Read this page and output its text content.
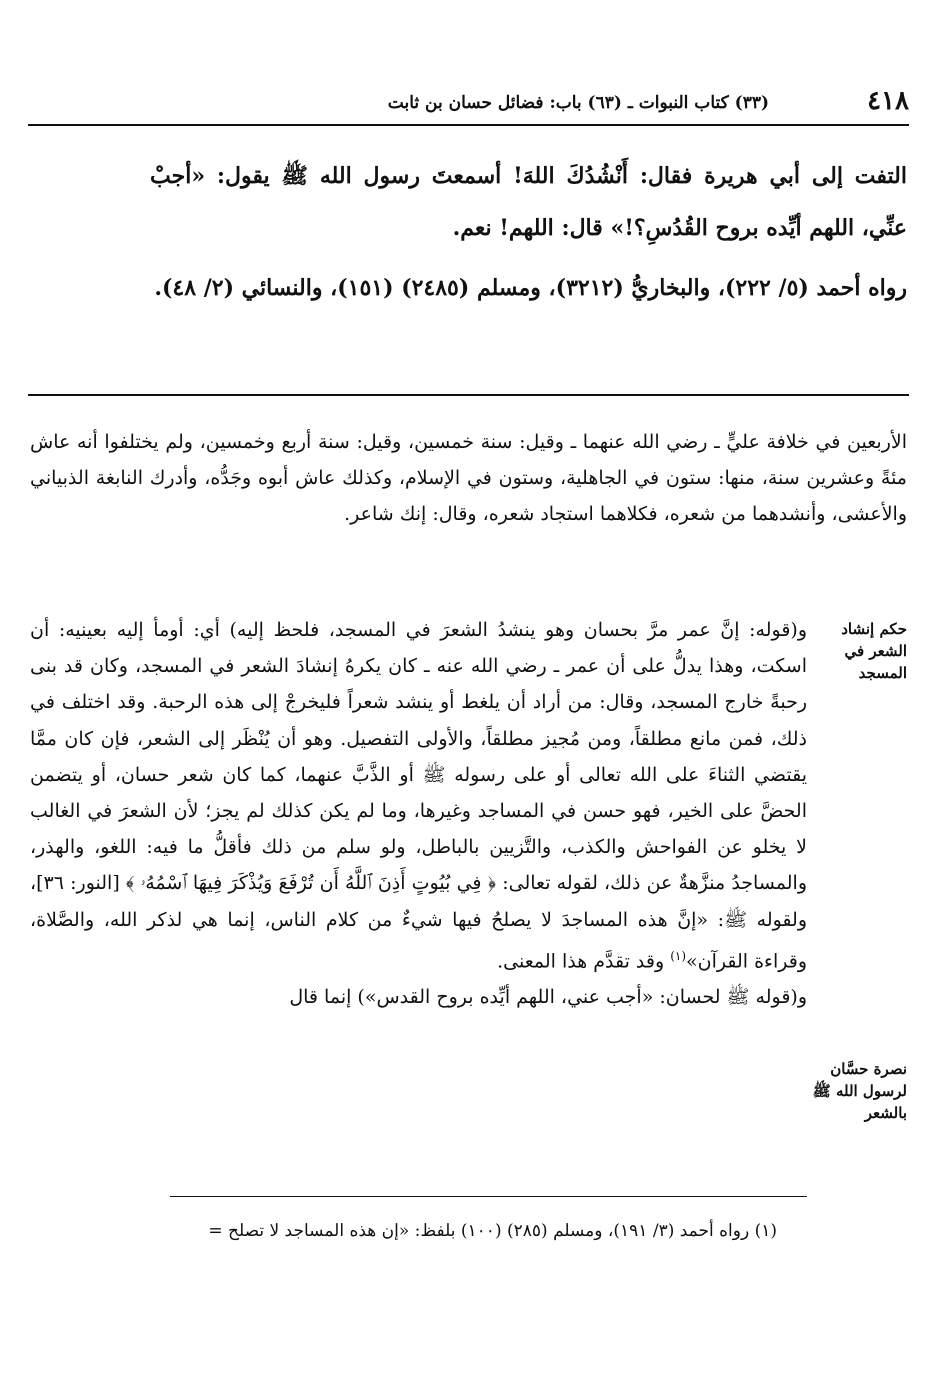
٤١٨
(٣٣) كتاب النبوات ـ (٦٣) باب: فضائل حسان بن ثابت

التفت إلى أبي هريرة فقال: أَنْشُدُكَ اللهَ! أسمعتَ رسول الله ﷺ يقول: «أجبْ عنِّي، اللهم أيِّده بروح القُدُسِ؟!» قال: اللهم! نعم.

رواه أحمد (٥/ ٢٢٢)، والبخاريُّ (٣٢١٢)، ومسلم (٢٤٨٥) (١٥١)، والنسائي (٢/ ٤٨).

الأربعين في خلافة عليٍّ ـ رضي الله عنهما ـ وقيل: سنة خمسين، وقيل: سنة أربع وخمسين، ولم يختلفوا أنه عاش مئةً وعشرين سنة، منها: ستون في الجاهلية، وستون في الإسلام، وكذلك عاش أبوه وجَدُّه، وأدرك النابغة الذبياني والأعشى، وأنشدهما من شعره، فكلاهما استجاد شعره، وقال: إنك شاعر.

و(قوله: إنَّ عمر مرَّ بحسان وهو ينشدُ الشعرَ في المسجد، فلحظ إليه) أي: أومأ إليه بعينيه: أن اسكت، وهذا يدلُّ على أن عمر ـ رضي الله عنه ـ كان يكرهُ إنشادَ الشعر في المسجد، وكان قد بنى رحبةً خارج المسجد، وقال: من أراد أن يلغط أو ينشد شعراً فليخرجْ إلى هذه الرحبة. وقد اختلف في ذلك، فمن مانع مطلقاً، ومن مُجيز مطلقاً، والأولى التفصيل. وهو أن يُنْظَر إلى الشعر، فإن كان ممَّا يقتضي الثناءَ على الله تعالى أو على رسوله ﷺ أو الذَّبَّ عنهما، كما كان شعر حسان، أو يتضمن الحضَّ على الخير، فهو حسن في المساجد وغيرها، وما لم يكن كذلك لم يجز؛ لأن الشعرَ في الغالب لا يخلو عن الفواحش والكذب، والتَّزيين بالباطل، ولو سلم من ذلك فأقلُّ ما فيه: اللغو، والهذر، والمساجدُ منزَّهةٌ عن ذلك، لقوله تعالى: ﴿ فِي بُيُوتٍ أَذِنَ ٱللَّهُ أَن تُرْفَعَ وَيُذْكَرَ فِيهَا ٱسْمُهُۥ ﴾ [النور: ٣٦]، ولقوله ﷺ: «إنَّ هذه المساجدَ لا يصلحُ فيها شيءٌ من كلام الناس، إنما هي لذكر الله، والصَّلاة، وقراءة القرآن»$^{(١)}$ وقد تقدَّم هذا المعنى.

و(قوله ﷺ لحسان: «أجب عني، اللهم أيِّده بروح القدس») إنما قال

حكم إنشاد الشعر في المسجد
نصرة حسَّان لرسول الله ﷺ بالشعر

(١) رواه أحمد (٣/ ١٩١)، ومسلم (٢٨٥) (١٠٠) بلفظ: «إن هذه المساجد لا تصلح =
